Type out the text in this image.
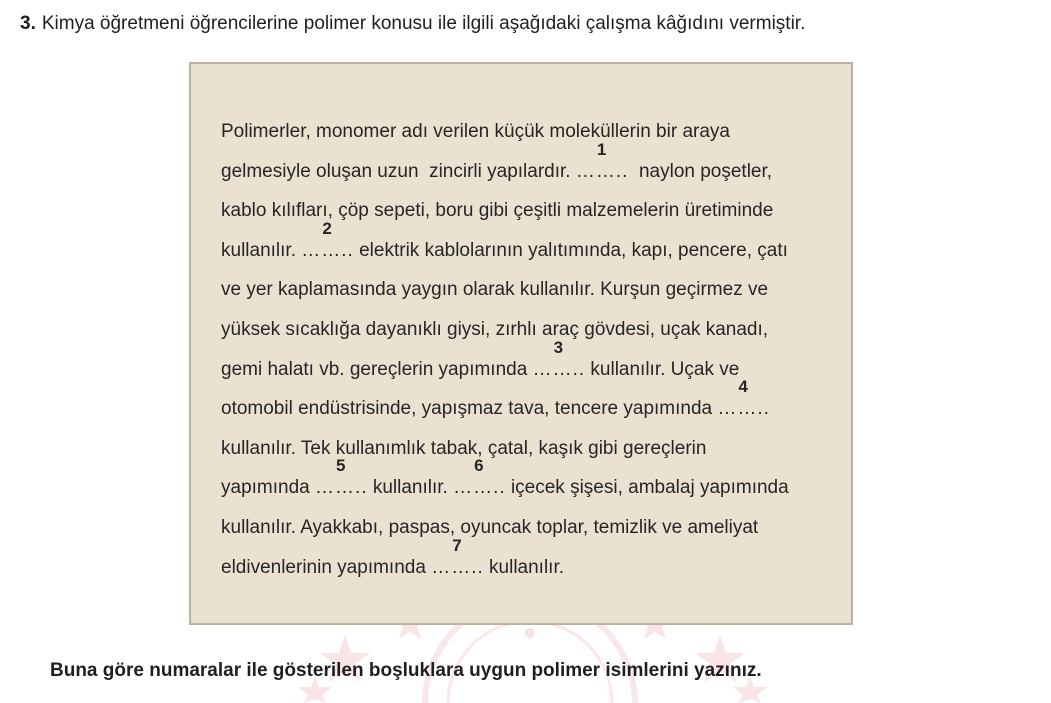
3. Kimya öğretmeni öğrencilerine polimer konusu ile ilgili aşağıdaki çalışma kâğıdını vermiştir.
Polimerler, monomer adı verilen küçük moleküllerin bir araya
gelmesiyle oluşan uzun  zincirli yapılardır. ……..
1
naylon poşetler,
kablo kılıfları, çöp sepeti, boru gibi çeşitli malzemelerin üretiminde
kullanılır. ……..
2
elektrik kablolarının yalıtımında, kapı, pencere, çatı
ve yer kaplamasında yaygın olarak kullanılır. Kurşun geçirmez ve
yüksek sıcaklığa dayanıklı giysi, zırhlı araç gövdesi, uçak kanadı,
gemi halatı vb. gereçlerin yapımında ……..
3
kullanılır. Uçak ve
otomobil endüstrisinde, yapışmaz tava, tencere yapımında ……..
4
kullanılır. Tek kullanımlık tabak, çatal, kaşık gibi gereçlerin
yapımında ……..
5
kullanılır. ……..
6
içecek şişesi, ambalaj yapımında
kullanılır. Ayakkabı, paspas, oyuncak toplar, temizlik ve ameliyat
eldivenlerinin yapımında ……..
7
kullanılır.
Buna göre numaralar ile gösterilen boşluklara uygun polimer isimlerini yazınız.
